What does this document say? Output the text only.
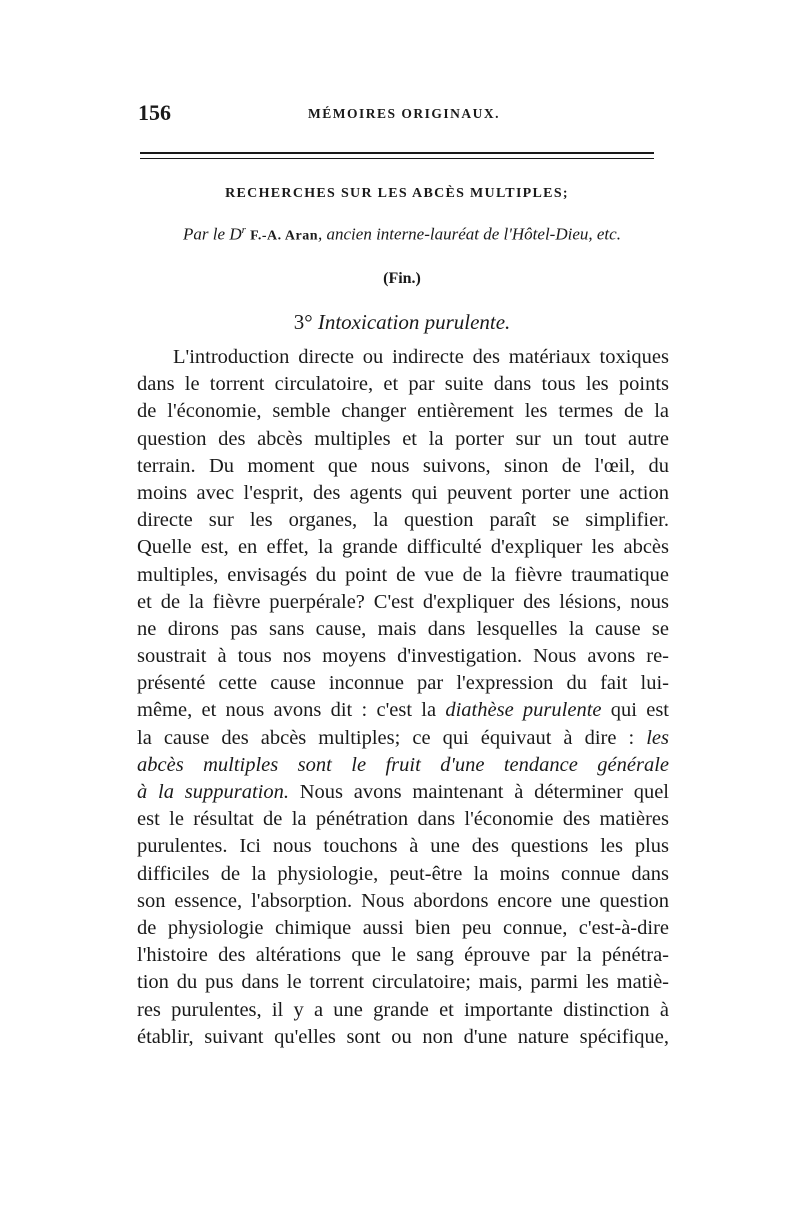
156	MÉMOIRES ORIGINAUX.
RECHERCHES SUR LES ABCÈS MULTIPLES;
Par le $D^r$ F.-A. Aran, ancien interne-lauréat de l'Hôtel-Dieu, etc.
(Fin.)
3° Intoxication purulente.
L'introduction directe ou indirecte des matériaux toxiques
dans le torrent circulatoire, et par suite dans tous les points
de l'économie, semble changer entièrement les termes de la
question des abcès multiples et la porter sur un tout autre
terrain. Du moment que nous suivons, sinon de l'œil, du
moins avec l'esprit, des agents qui peuvent porter une action
directe sur les organes, la question paraît se simplifier.
Quelle est, en effet, la grande difficulté d'expliquer les abcès
multiples, envisagés du point de vue de la fièvre traumatique
et de la fièvre puerpérale? C'est d'expliquer des lésions, nous
ne dirons pas sans cause, mais dans lesquelles la cause se
soustrait à tous nos moyens d'investigation. Nous avons re-
présenté cette cause inconnue par l'expression du fait lui-
même, et nous avons dit : c'est la diathèse purulente qui est
la cause des abcès multiples; ce qui équivaut à dire : les
abcès multiples sont le fruit d'une tendance générale
à la suppuration. Nous avons maintenant à déterminer quel
est le résultat de la pénétration dans l'économie des matières
purulentes. Ici nous touchons à une des questions les plus
difficiles de la physiologie, peut-être la moins connue dans
son essence, l'absorption. Nous abordons encore une question
de physiologie chimique aussi bien peu connue, c'est-à-dire
l'histoire des altérations que le sang éprouve par la pénétra-
tion du pus dans le torrent circulatoire; mais, parmi les matiè-
res purulentes, il y a une grande et importante distinction à
établir, suivant qu'elles sont ou non d'une nature spécifique,
